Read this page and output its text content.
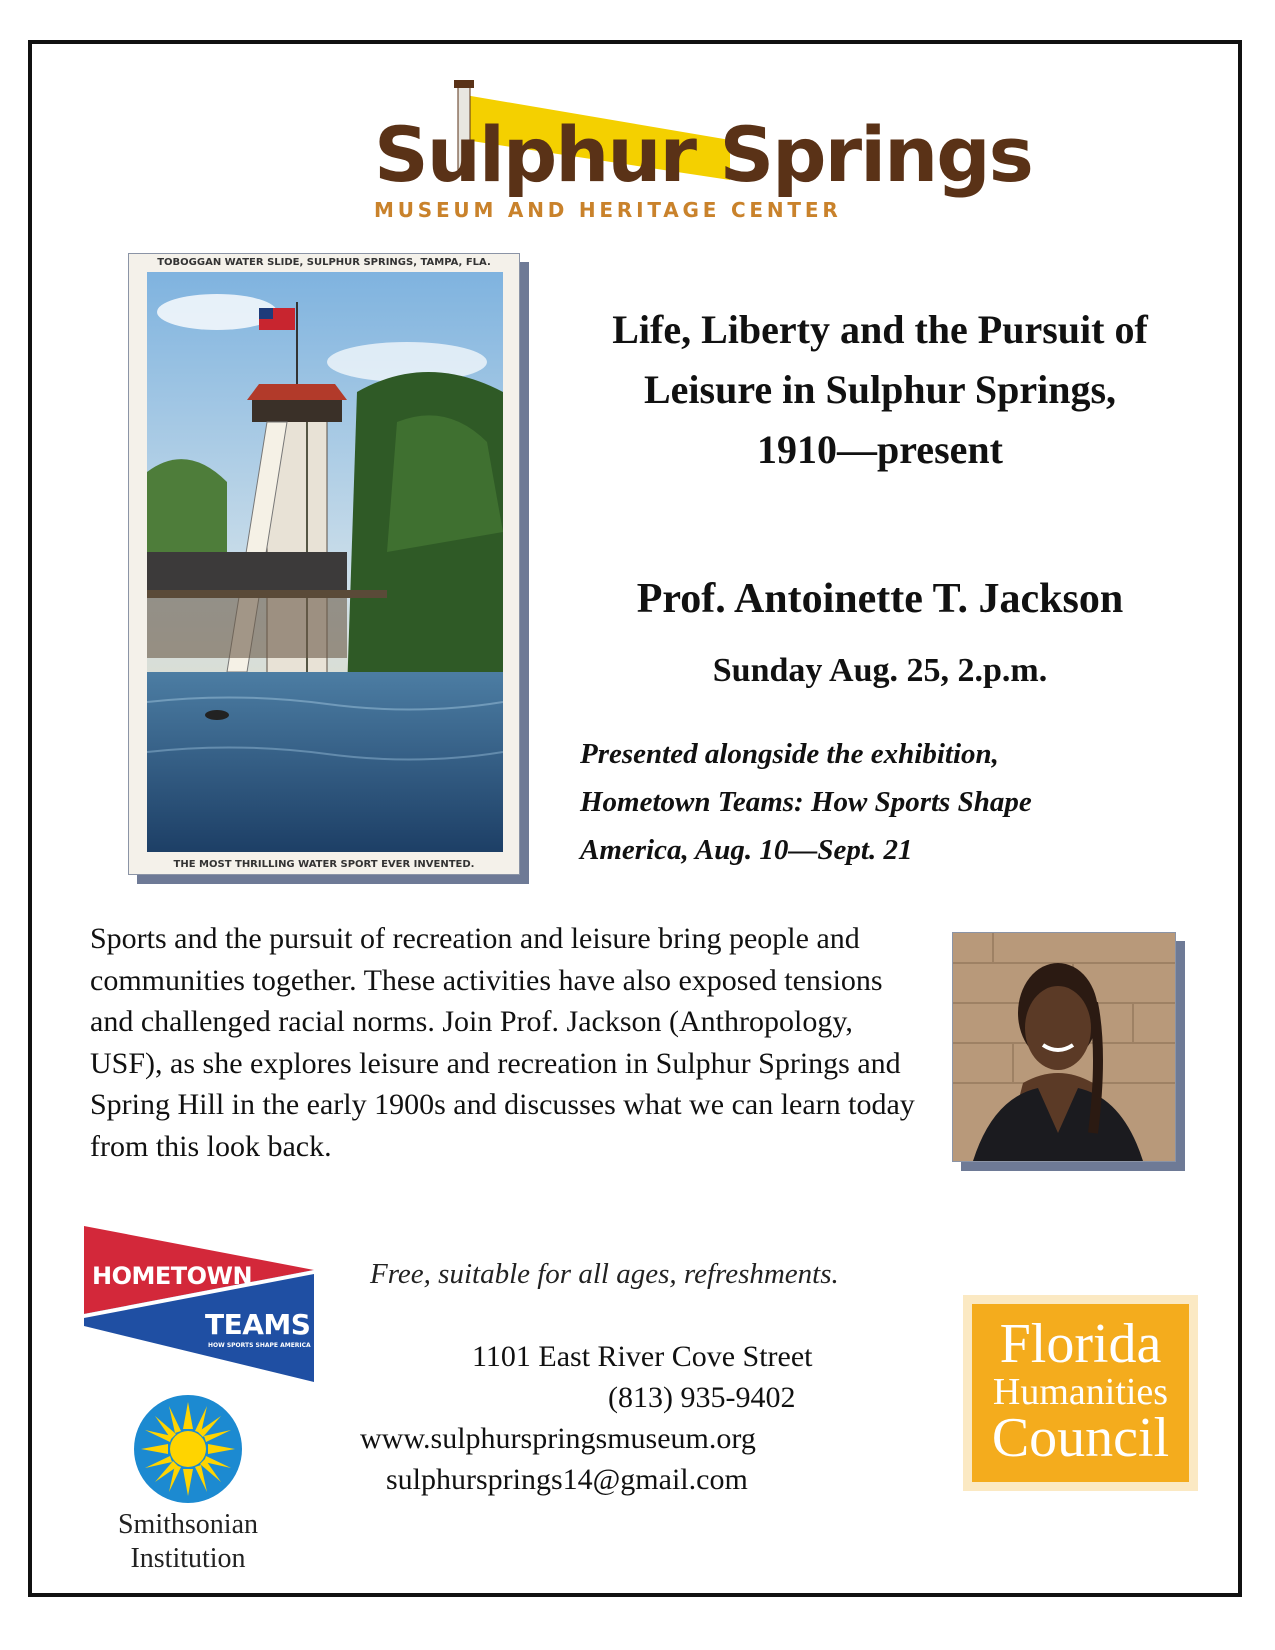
Sulphur Springs
MUSEUM AND HERITAGE CENTER
TOBOGGAN WATER SLIDE, SULPHUR SPRINGS, TAMPA, FLA.
THE MOST THRILLING WATER SPORT EVER INVENTED.
Life, Liberty and the Pursuit of
Leisure in Sulphur Springs,
1910—present
Prof. Antoinette T. Jackson
Sunday Aug. 25, 2.p.m.
Presented alongside the exhibition,
Hometown Teams: How Sports Shape
America, Aug. 10—Sept. 21
Sports and the pursuit of recreation and leisure bring people and communities together. These activities have also exposed tensions and challenged racial norms. Join Prof. Jackson (Anthropology, USF), as she explores leisure and recreation in Sulphur Springs and Spring Hill in the early 1900s and discusses what we can learn today from this look back.
HOMETOWN
TEAMS
HOW SPORTS SHAPE AMERICA
Smithsonian
Institution
Free, suitable for all ages, refreshments.
1101 East River Cove Street
(813) 935-9402
www.sulphurspringsmuseum.org
sulphursprings14@gmail.com
Florida
Humanities
Council
